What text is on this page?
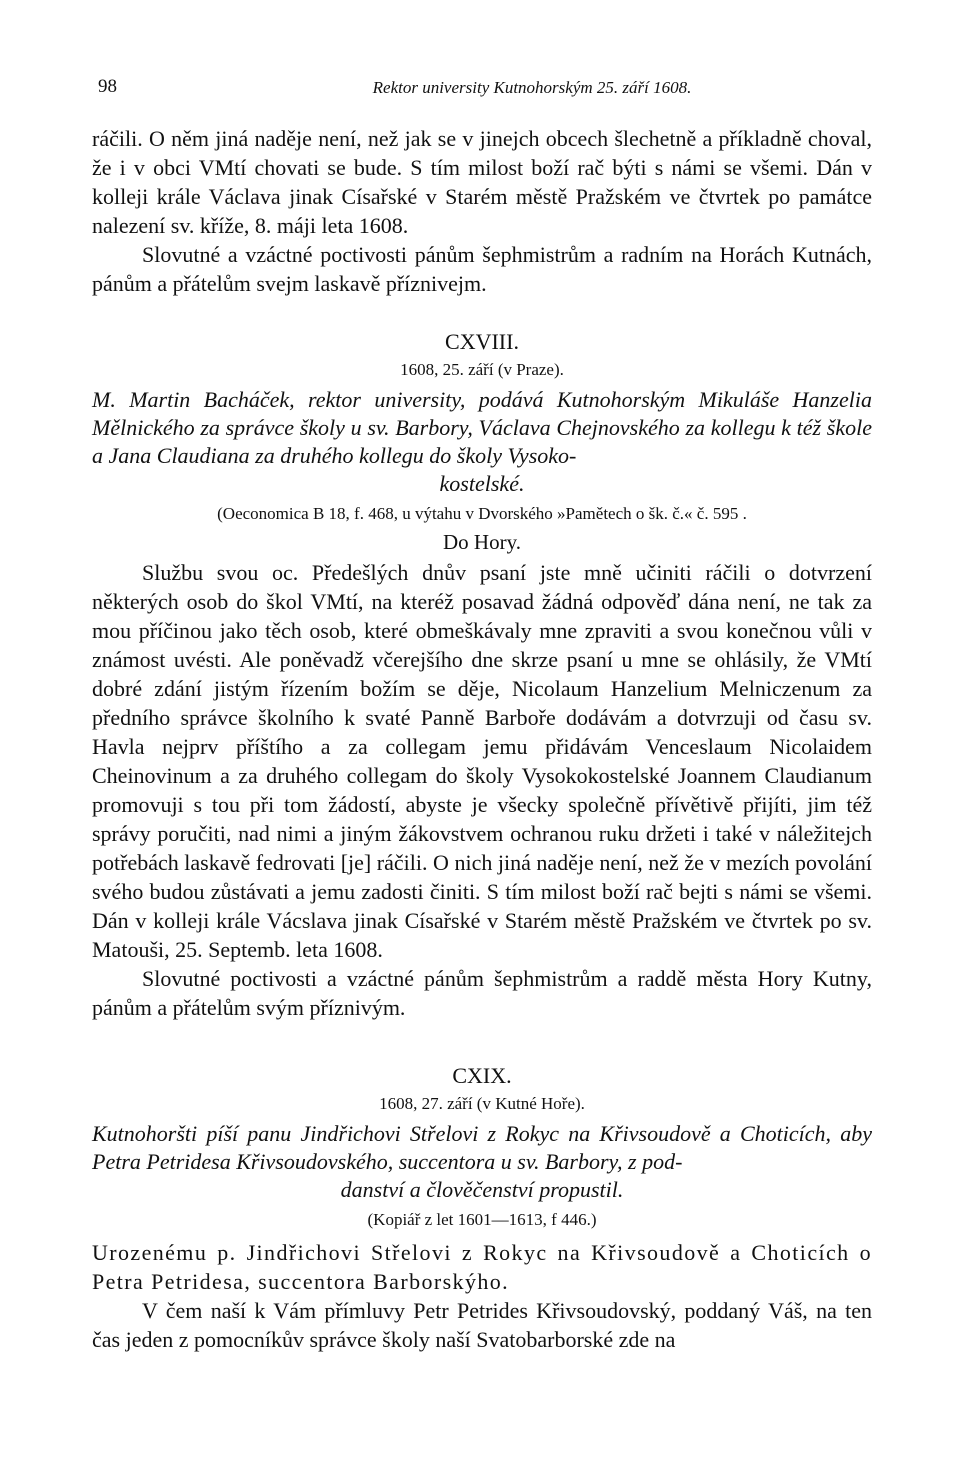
98	Rektor university Kutnohorským 25. září 1608.

ráčili. O něm jiná naděje není, než jak se v jinejch obcech šlechetně a příkladně choval, že i v obci VMtí chovati se bude. S tím milost boží rač býti s námi se všemi. Dán v kolleji krále Václava jinak Císařské v Starém městě Pražském ve čtvrtek po památce nalezení sv. kříže, 8. máji leta 1608.

Slovutné a vzáctné poctivosti pánům šephmistrům a radním na Horách Kutnách, pánům a přátelům svejm laskavě příznivejm.

CXVIII.
1608, 25. září (v Praze).
M. Martin Bacháček, rektor university, podává Kutnohorským Mikuláše Hanzelia Mělnického za správce školy u sv. Barbory, Václava Chejnovského za kollegu k též škole a Jana Claudiana za druhého kollegu do školy Vysoko-
kostelské.
(Oeconomica B 18, f. 468, u výtahu v Dvorského »Pamětech o šk. č.« č. 595 .
Do Hory.

Službu svou oc. Předešlých dnův psaní jste mně učiniti ráčili o dotvrzení některých osob do škol VMtí, na kteréž posavad žádná odpověď dána není, ne tak za mou příčinou jako těch osob, které obmeškávaly mne zpraviti a svou konečnou vůli v známost uvésti. Ale poněvadž včerejšího dne skrze psaní u mne se ohlásily, že VMtí dobré zdání jistým řízením božím se děje, Nicolaum Hanzelium Melniczenum za předního správce školního k svaté Panně Barboře dodávám a dotvrzuji od času sv. Havla nejprv příštího a za collegam jemu přidávám Venceslaum Nicolaidem Cheinovinum a za druhého collegam do školy Vysokokostelské Joannem Claudianum promovuji s tou při tom žádostí, abyste je všecky společně přívětivě přijíti, jim též správy poručiti, nad nimi a jiným žákovstvem ochranou ruku držeti i také v náležitejch potřebách laskavě fedrovati [je] ráčili. O nich jiná naděje není, než že v mezích povolání svého budou zůstávati a jemu zadosti činiti. S tím milost boží rač bejti s námi se všemi. Dán v kolleji krále Vácslava jinak Císařské v Starém městě Pražském ve čtvrtek po sv. Matouši, 25. Septemb. leta 1608.

Slovutné poctivosti a vzáctné pánům šephmistrům a raddě města Hory Kutny, pánům a přátelům svým příznivým.

CXIX.
1608, 27. září (v Kutné Hoře).
Kutnohoršti píší panu Jindřichovi Střelovi z Rokyc na Křivsoudově a Choticích, aby Petra Petridesa Křivsoudovského, succentora u sv. Barbory, z pod-
danství a člověčenství propustil.
(Kopiář z let 1601—1613, f 446.)

Urozenému p. Jindřichovi Střelovi z Rokyc na Křivsoudově a Choticích o Petra Petridesa, succentora Barborskýho.

V čem naší k Vám přímluvy Petr Petrides Křivsoudovský, poddaný Váš, na ten čas jeden z pomocníkův správce školy naší Svatobarborské zde na
